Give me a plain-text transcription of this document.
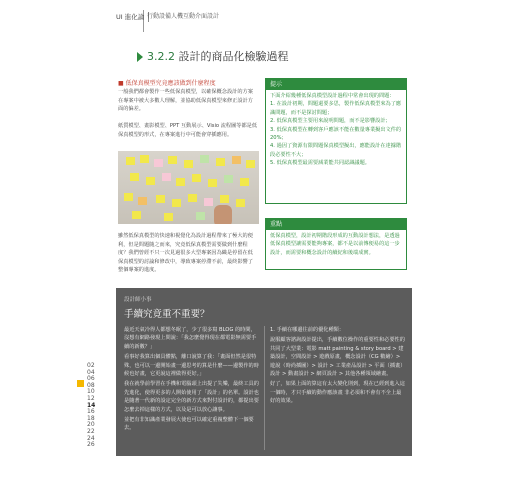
UI 進化論 行動設備人機互動介面設計
3.2.2 設計的商品化檢驗過程
■ 低保真模型究竟應該做到什麼程度
一般我們都會製作一些低保真模型，以確保概念設計的方案在專案中被大多數人理解，並協助低保真模型來修正設計方面的偏差。
紙質模型、畫影模型、PPT 互動展示、Visio 流程圖等都是低保真模型的形式，在專案進行中可能會穿插應用。
雖然低保真模型的快速和視覺化為設計過程帶來了極大的便利，但是問題隨之而來，究竟低保真模型需要做到什麼程度？我們曾經不只一次見過很多大型專案因為織是停留在低保真模型的討論和修改中，導致專案停滯不前，最終影響了整個專案的進度。
提示

下面介紹幾種低保真模型設計過程中常會出現的問題：

1. 在設計初期，問題還要多思，製作低保真模型來為了應識問題，而不是探討問題；

2. 低保真模型主要用來說明問題，而不是影響設計；

3. 低保真模型在轉到客戶應該不能在數量專業擬出文件的 20%；

4. 過因了資源有限問題保真模型擬出，應能設計在達據階段必要性不大；

5. 低保真模型最需要減業能共同認識議題。

重點

低保真模型，設計初期階段形成的互動設計想法，是透過低保真模型讓需要能夠專案，都不是以前傳便易的這一步設計，而需要和概念設計的續紀和後端成實。

設計師小事
手續究竟重不重要？

最近天氣冷得人都想冬眠了，少了很多寫 BLOG 的時間，沒想有網路發現上問說：「我怎麼覺得現在都電影無需要手續的新數？」

看事好我算出個具體點，離口說算了我：「畫面但然是很特殊，也可以一邊開始畫一邊思考的算是什麼——邊製作的時候也好畫，它更說這裡做得更好。」

我在就學前學習在手機和電腦頭上出提了失樂，最終工具的先進化，使得更多的人開始使用了「設計」的名單。設計也是隨著一代新的設定完全的新方式來對付設計的，都提出要怎麼去掉這樣的方式，以及是可以放心讓事。

並把有非知識產業發展大使也可以確定重複整體下一個要去。

1. 手續在哪邊往前的優化種類：

說服顧客諮詢設計提出，手續數位操作的重要性和必要性的共同了大型業：電影 matt painting & story board > 建築設計，空間設計 > 遊戲原畫，概念設計（CG 數繪）> 遊說（時尚插圖）> 設計 > 工業產品設計 > 平面（插畫）設計 > 動畫設計 > 網頁設計 > 其他各種領域繪畫。

好了，如果上面的算這有太大變化則到，現在已經到進入這一個時，才只手續的動作應該畫 非必須和不會有不全上最好的效果。

02
04
06
08
10
12
14
16
18
20
22
24
26
